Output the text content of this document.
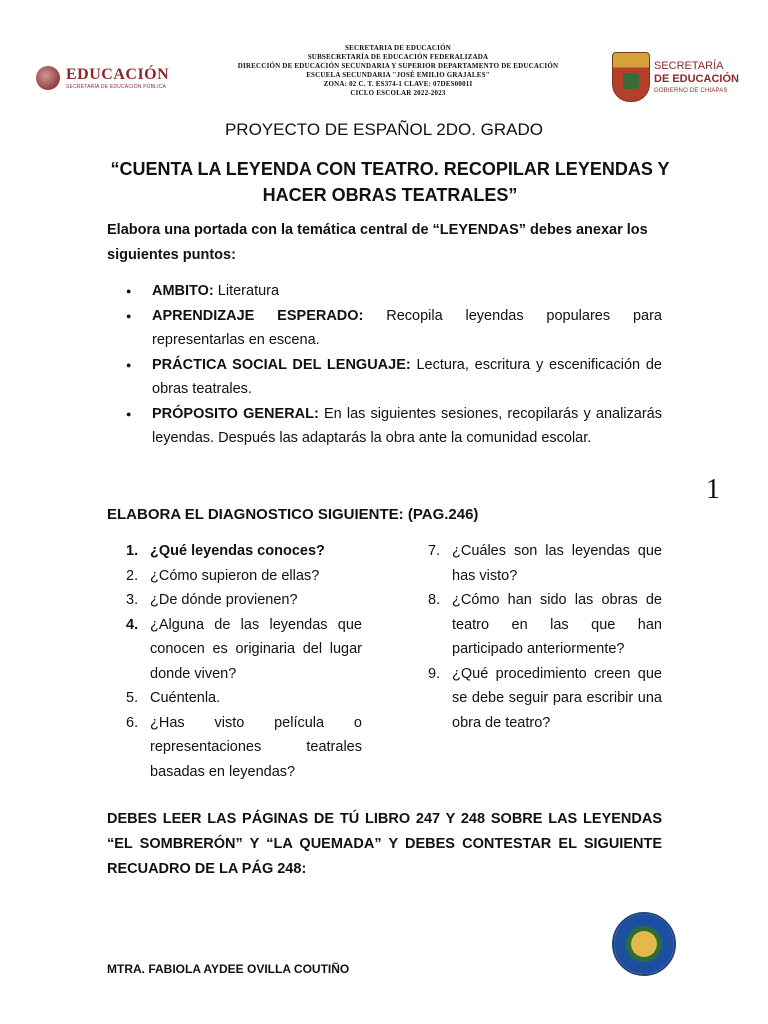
EDUCACIÓN
SECRETARÍA DE EDUCACIÓN PÚBLICA
SECRETARIA DE EDUCACIÓN
SUBSECRETARÍA DE EDUCACIÓN FEDERALIZADA
DIRECCIÓN DE EDUCACIÓN SECUNDARIA Y SUPERIOR DEPARTAMENTO DE EDUCACIÓN
ESCUELA SECUNDARIA "JOSÉ EMILIO GRAJALES"
ZONA: 02 C. T. ES374-1 CLAVE: 07DES0001I
CICLO ESCOLAR 2022-2023
SECRETARÍA
DE EDUCACIÓN
GOBIERNO DE CHIAPAS
PROYECTO DE ESPAÑOL 2DO. GRADO
“CUENTA LA LEYENDA CON TEATRO. RECOPILAR LEYENDAS Y HACER OBRAS TEATRALES”
Elabora una portada con la temática central de “LEYENDAS” debes anexar los siguientes puntos:
● AMBITO: Literatura
● APRENDIZAJE ESPERADO: Recopila leyendas populares para representarlas en escena.
● PRÁCTICA SOCIAL DEL LENGUAJE: Lectura, escritura y escenificación de obras teatrales.
● PRÓPOSITO GENERAL: En las siguientes sesiones, recopilarás y analizarás leyendas. Después las adaptarás la obra ante la comunidad escolar.
1
ELABORA EL DIAGNOSTICO SIGUIENTE: (PAG.246)
1. ¿Qué leyendas conoces?
2. ¿Cómo supieron de ellas?
3. ¿De dónde provienen?
4. ¿Alguna de las leyendas que conocen es originaria del lugar donde viven?
5. Cuéntenla.
6. ¿Has visto película o representaciones teatrales basadas en leyendas?
7. ¿Cuáles son las leyendas que has visto?
8. ¿Cómo han sido las obras de teatro en las que han participado anteriormente?
9. ¿Qué procedimiento creen que se debe seguir para escribir una obra de teatro?
DEBES LEER LAS PÁGINAS DE TÚ LIBRO 247 Y 248 SOBRE LAS LEYENDAS “EL SOMBRERÓN” Y “LA QUEMADA” Y DEBES CONTESTAR EL SIGUIENTE RECUADRO DE LA PÁG 248:
MTRA. FABIOLA AYDEE OVILLA COUTIÑO
